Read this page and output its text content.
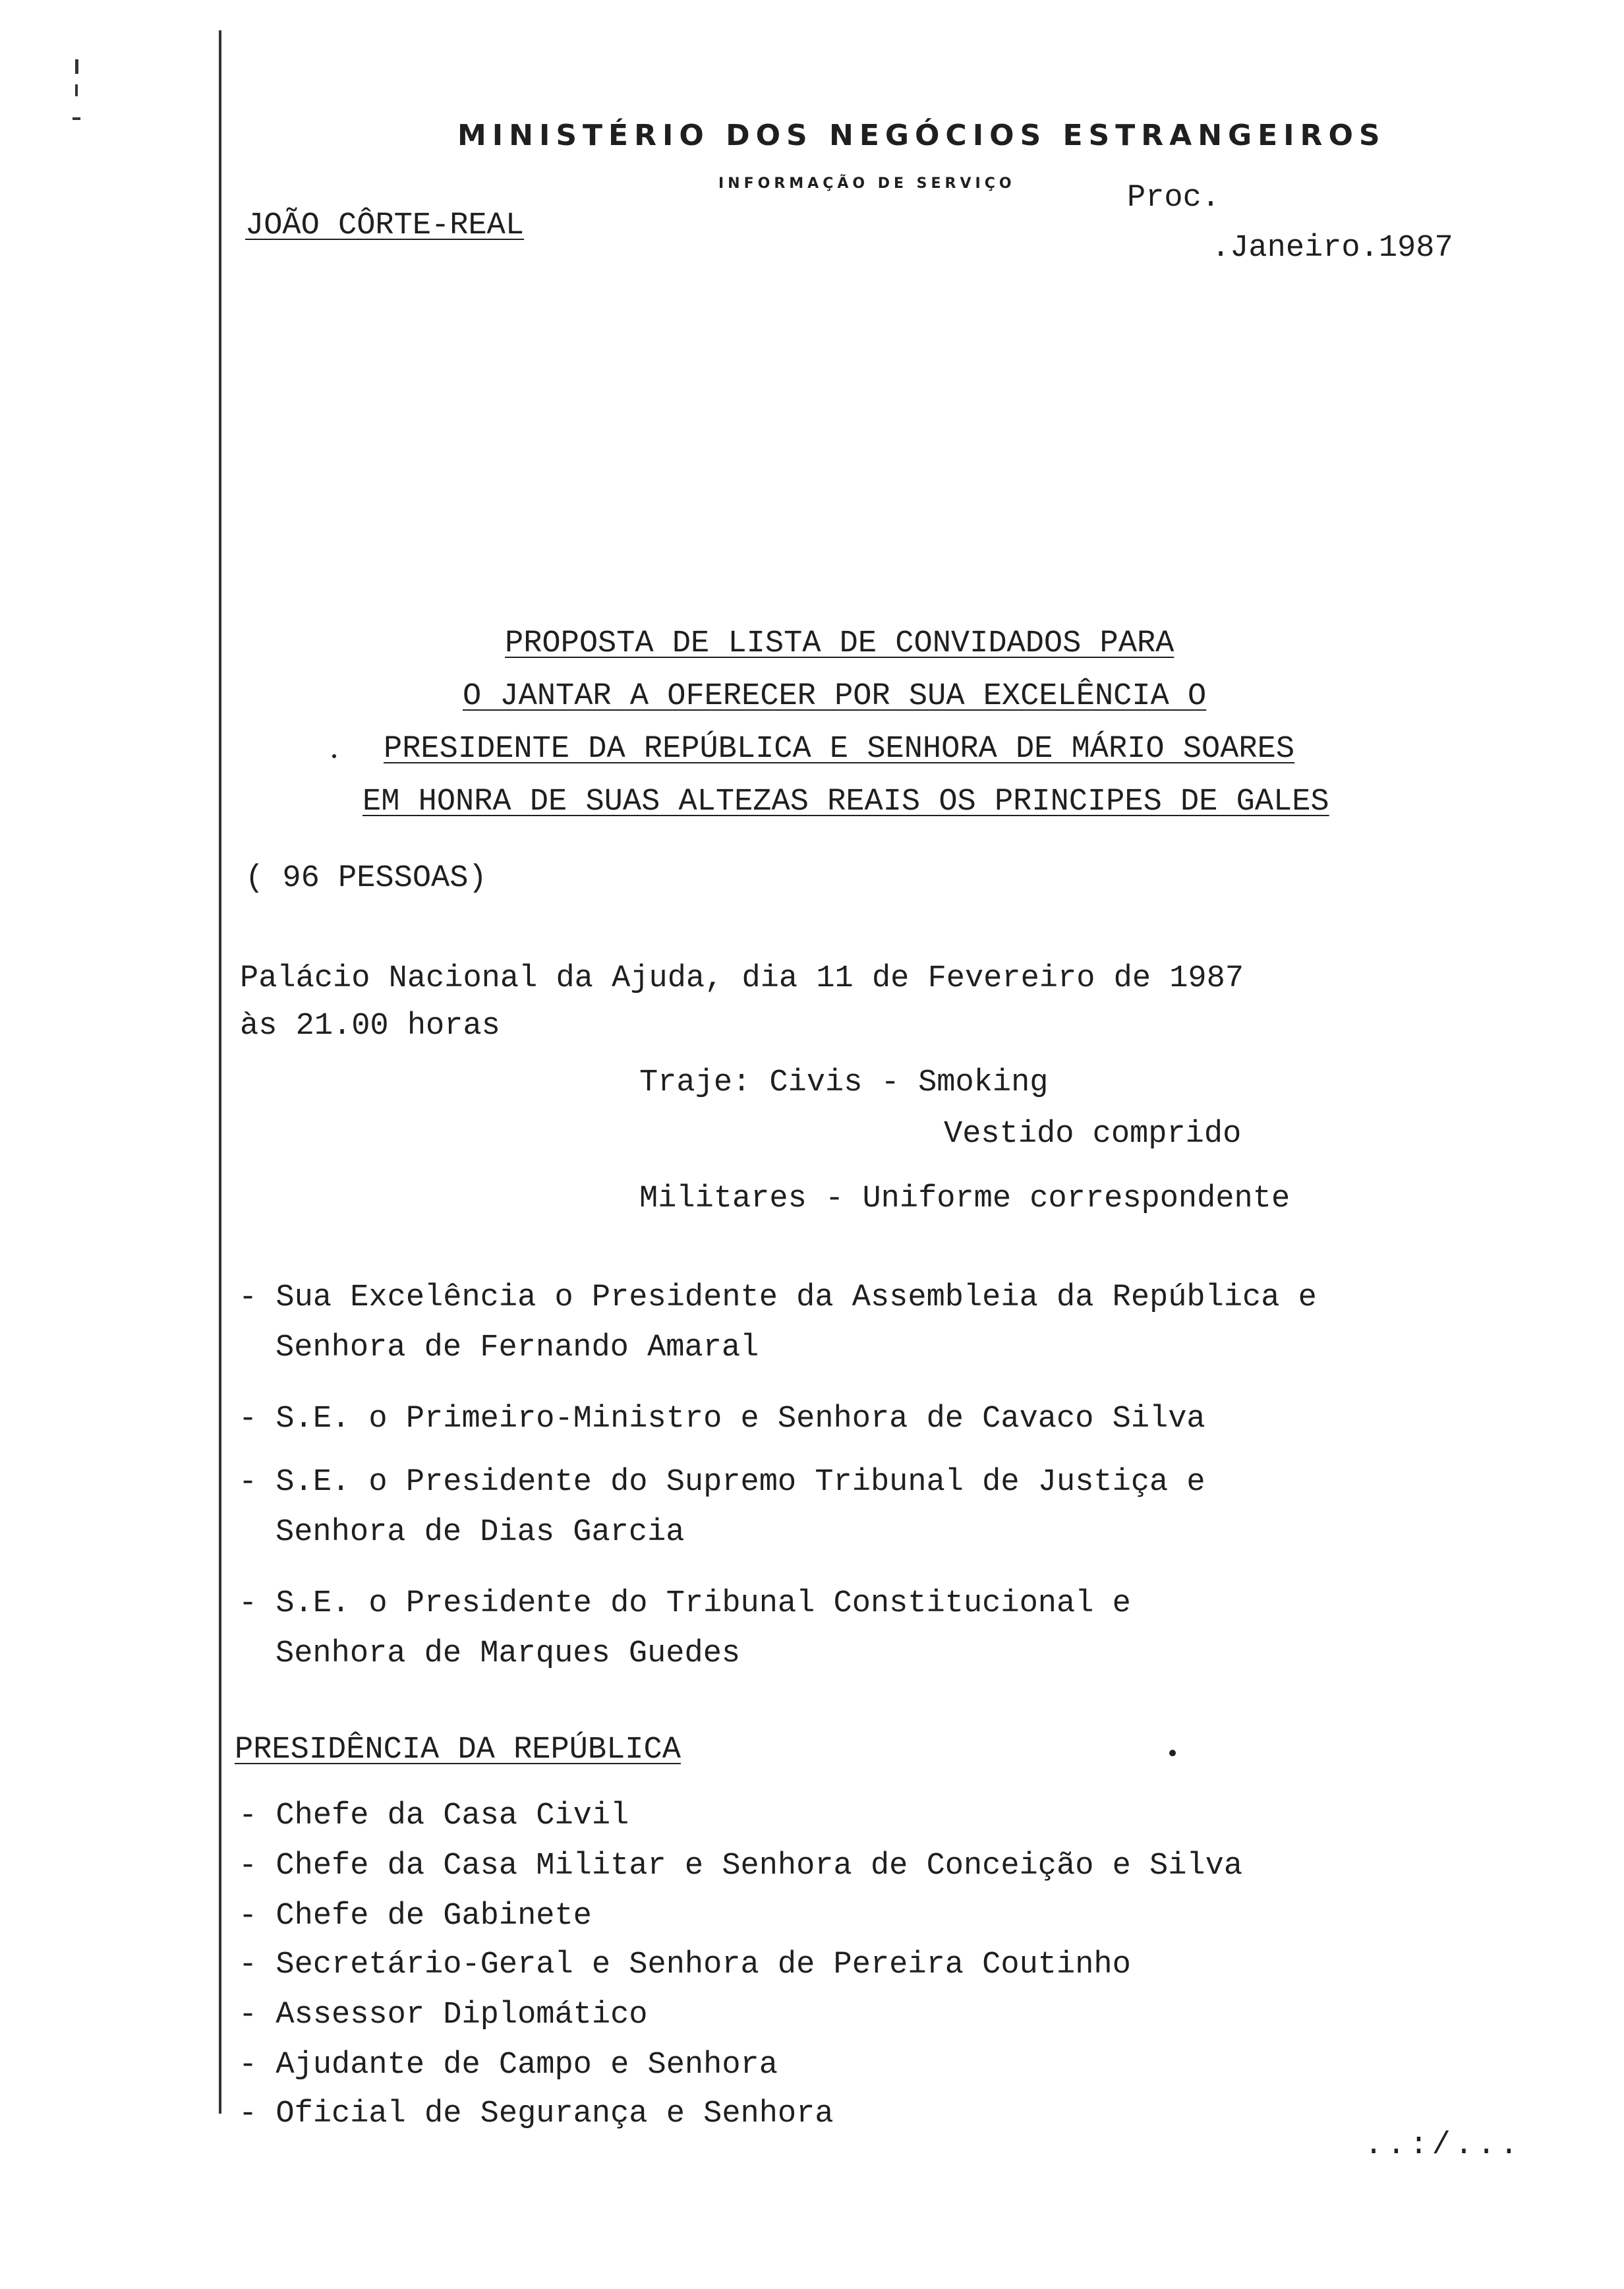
MINISTÉRIO DOS NEGÓCIOS ESTRANGEIROS
INFORMAÇÃO DE SERVIÇO	Proc.
JOÃO CÔRTE-REAL
.Janeiro.1987
PROPOSTA DE LISTA DE CONVIDADOS PARA
O JANTAR A OFERECER POR SUA EXCELÊNCIA O
PRESIDENTE DA REPÚBLICA E SENHORA DE MÁRIO SOARES
EM HONRA DE SUAS ALTEZAS REAIS OS PRINCIPES DE GALES
( 96 PESSOAS)
Palácio Nacional da Ajuda, dia 11 de Fevereiro de 1987
às 21.00 horas
Traje: Civis - Smoking
Vestido comprido
Militares - Uniforme correspondente
- Sua Excelência o Presidente da Assembleia da República e
Senhora de Fernando Amaral
- S.E. o Primeiro-Ministro e Senhora de Cavaco Silva
- S.E. o Presidente do Supremo Tribunal de Justiça e
Senhora de Dias Garcia
- S.E. o Presidente do Tribunal Constitucional e
Senhora de Marques Guedes
PRESIDÊNCIA DA REPÚBLICA
- Chefe da Casa Civil
- Chefe da Casa Militar e Senhora de Conceição e Silva
- Chefe de Gabinete
- Secretário-Geral e Senhora de Pereira Coutinho
- Assessor Diplomático
- Ajudante de Campo e Senhora
- Oficial de Segurança e Senhora
..:/...
